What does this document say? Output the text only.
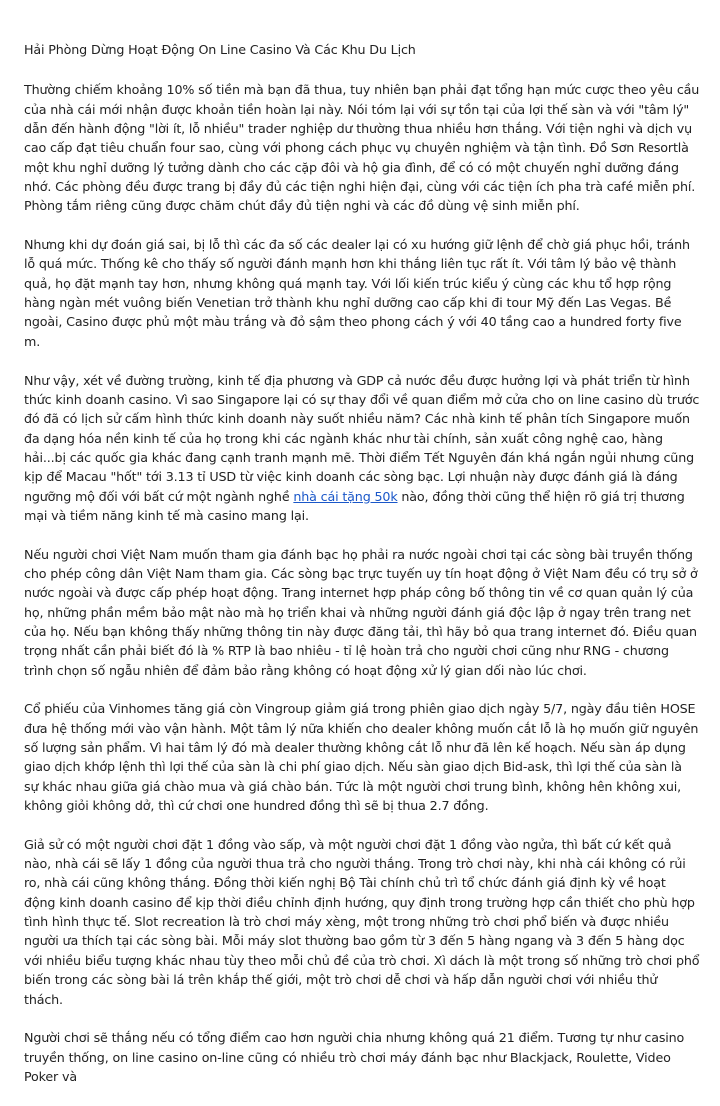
Hải Phòng Dừng Hoạt Động On Line Casino Và Các Khu Du Lịch

Thường chiếm khoảng 10% số tiền mà bạn đã thua, tuy nhiên bạn phải đạt tổng hạn mức cược theo yêu cầu của nhà cái mới nhận được khoản tiền hoàn lại này. Nói tóm lại với sự tồn tại của lợi thế sàn và với "tâm lý" dẫn đến hành động "lời ít, lỗ nhiều" trader nghiệp dư thường thua nhiều hơn thắng. Với tiện nghi và dịch vụ cao cấp đạt tiêu chuẩn four sao, cùng với phong cách phục vụ chuyên nghiệm và tận tình. Đồ Sơn Resortlà một khu nghỉ dưỡng lý tưởng dành cho các cặp đôi và hộ gia đình, để có có một chuyến nghỉ dưỡng đáng nhớ. Các phòng đều được trang bị đầy đủ các tiện nghi hiện đại, cùng với các tiện ích pha trà café miễn phí. Phòng tắm riêng cũng được chăm chút đầy đủ tiện nghi và các đồ dùng vệ sinh miễn phí.

Nhưng khi dự đoán giá sai, bị lỗ thì các đa số các dealer lại có xu hướng giữ lệnh để chờ giá phục hồi, tránh lỗ quá mức. Thống kê cho thấy số người đánh mạnh hơn khi thắng liên tục rất ít. Với tâm lý bảo vệ thành quả, họ đặt mạnh tay hơn, nhưng không quá mạnh tay. Với lối kiến trúc kiểu ý cùng các khu tổ hợp rộng hàng ngàn mét vuông biến Venetian trở thành khu nghỉ dưỡng cao cấp khi đi tour Mỹ đến Las Vegas. Bề ngoài, Casino được phủ một màu trắng và đỏ sậm theo phong cách ý với 40 tầng cao a hundred forty five m.

Như vậy, xét về đường trường, kinh tế địa phương và GDP cả nước đều được hưởng lợi và phát triển từ hình thức kinh doanh casino. Vì sao Singapore lại có sự thay đổi về quan điểm mở cửa cho on line casino dù trước đó đã có lịch sử cấm hình thức kinh doanh này suốt nhiều năm? Các nhà kinh tế phân tích Singapore muốn đa dạng hóa nền kinh tế của họ trong khi các ngành khác như tài chính, sản xuất công nghệ cao, hàng hải...bị các quốc gia khác đang cạnh tranh mạnh mẽ. Thời điểm Tết Nguyên đán khá ngắn ngủi nhưng cũng kịp để Macau "hốt" tới 3.13 tỉ USD từ việc kinh doanh các sòng bạc. Lợi nhuận này được đánh giá là đáng ngưỡng mộ đối với bất cứ một ngành nghề nhà cái tặng 50k nào, đồng thời cũng thể hiện rõ giá trị thương mại và tiềm năng kinh tế mà casino mang lại.

Nếu người chơi Việt Nam muốn tham gia đánh bạc họ phải ra nước ngoài chơi tại các sòng bài truyền thống cho phép công dân Việt Nam tham gia. Các sòng bạc trực tuyến uy tín hoạt động ở Việt Nam đều có trụ sở ở nước ngoài và được cấp phép hoạt động. Trang internet hợp pháp công bố thông tin về cơ quan quản lý của họ, những phần mềm bảo mật nào mà họ triển khai và những người đánh giá độc lập ở ngay trên trang net của họ. Nếu bạn không thấy những thông tin này được đăng tải, thì hãy bỏ qua trang internet đó. Điều quan trọng nhất cần phải biết đó là % RTP là bao nhiêu - tỉ lệ hoàn trả cho người chơi cũng như RNG - chương trình chọn số ngẫu nhiên để đảm bảo rằng không có hoạt động xử lý gian dối nào lúc chơi.

Cổ phiếu của Vinhomes tăng giá còn Vingroup giảm giá trong phiên giao dịch ngày 5/7, ngày đầu tiên HOSE đưa hệ thống mới vào vận hành. Một tâm lý nữa khiến cho dealer không muốn cắt lỗ là họ muốn giữ nguyên số lượng sản phẩm. Vì hai tâm lý đó mà dealer thường không cắt lỗ như đã lên kế hoạch. Nếu sàn áp dụng giao dịch khớp lệnh thì lợi thế của sàn là chi phí giao dịch. Nếu sàn giao dịch Bid-ask, thì lợi thế của sàn là sự khác nhau giữa giá chào mua và giá chào bán. Tức là một người chơi trung bình, không hên không xui, không giỏi không dở, thì cứ chơi one hundred đồng thì sẽ bị thua 2.7 đồng.

Giả sử có một người chơi đặt 1 đồng vào sấp, và một người chơi đặt 1 đồng vào ngửa, thì bất cứ kết quả nào, nhà cái sẽ lấy 1 đồng của người thua trả cho người thắng. Trong trò chơi này, khi nhà cái không có rủi ro, nhà cái cũng không thắng. Đồng thời kiến nghị Bộ Tài chính chủ trì tổ chức đánh giá định kỳ về hoạt động kinh doanh casino để kịp thời điều chỉnh định hướng, quy định trong trường hợp cần thiết cho phù hợp tình hình thực tế. Slot recreation là trò chơi máy xèng, một trong những trò chơi phổ biến và được nhiều người ưa thích tại các sòng bài. Mỗi máy slot thường bao gồm từ 3 đến 5 hàng ngang và 3 đến 5 hàng dọc với nhiều biểu tượng khác nhau tùy theo mỗi chủ đề của trò chơi. Xì dách là một trong số những trò chơi phổ biến trong các sòng bài lá trên khắp thế giới, một trò chơi dễ chơi và hấp dẫn người chơi với nhiều thử thách.

Người chơi sẽ thắng nếu có tổng điểm cao hơn người chia nhưng không quá 21 điểm. Tương tự như casino truyền thống, on line casino on-line cũng có nhiều trò chơi máy đánh bạc như Blackjack, Roulette, Video Poker và
